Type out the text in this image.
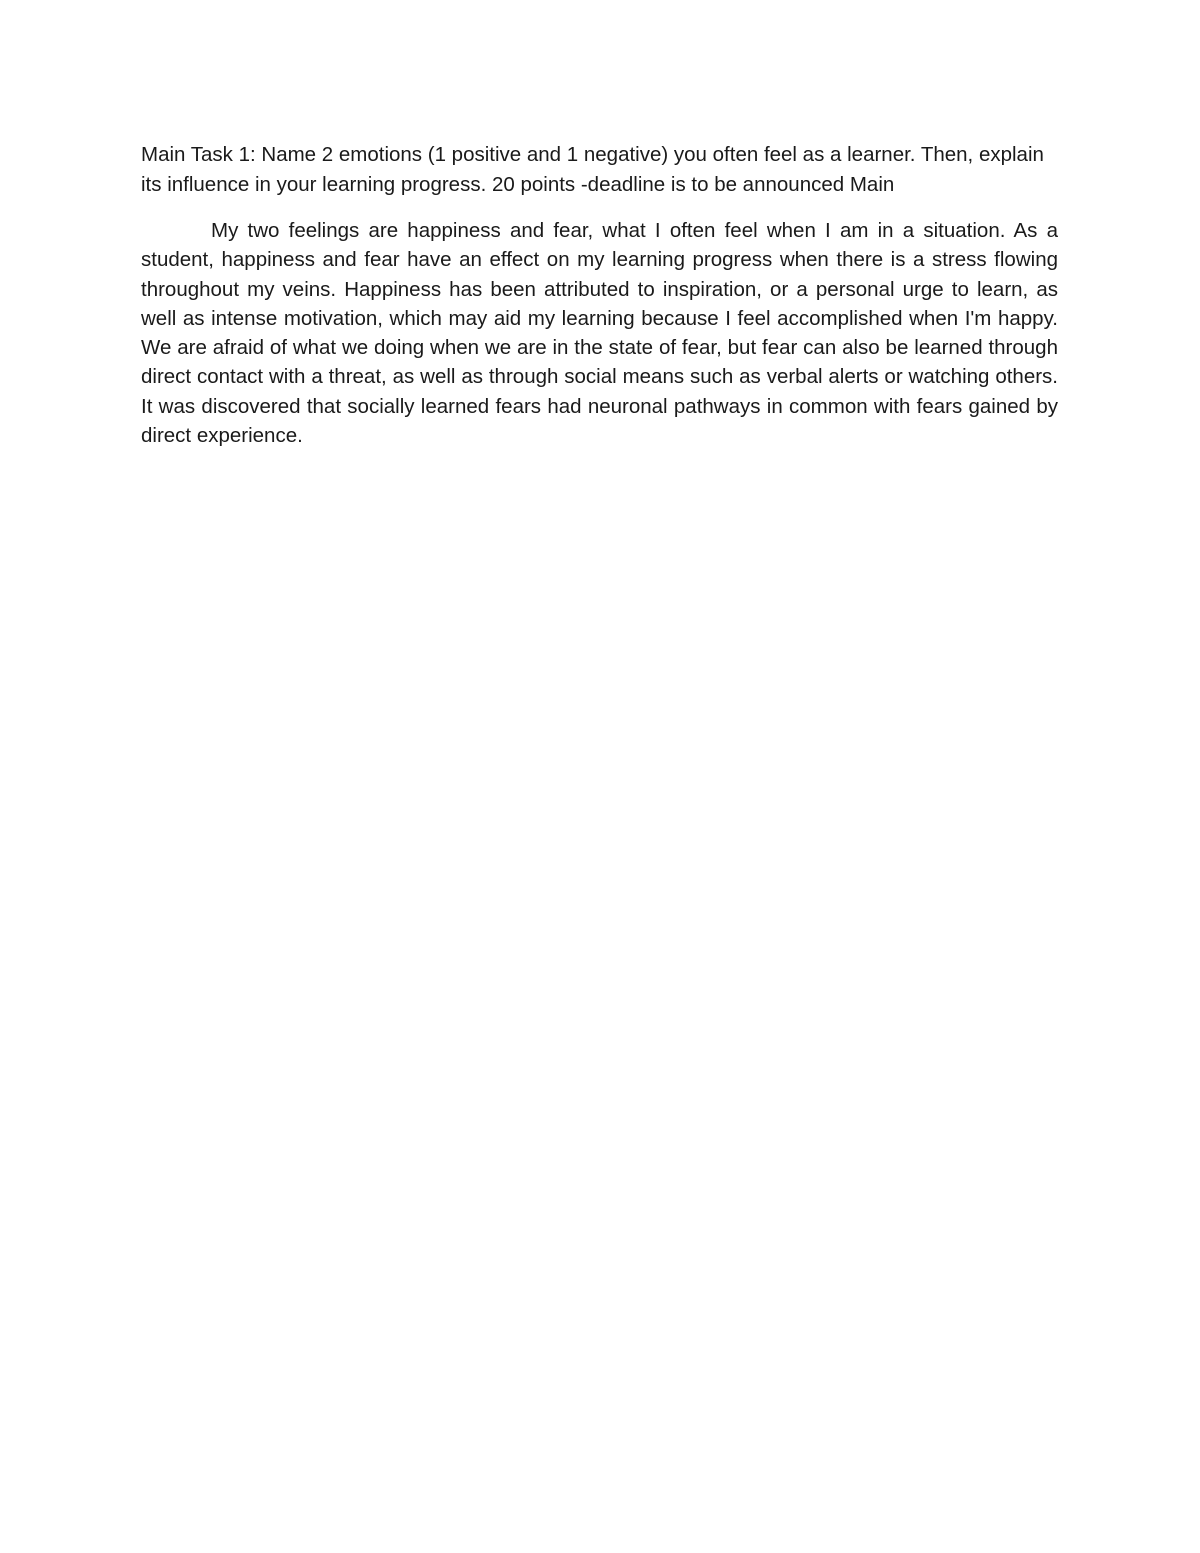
Main Task 1: Name 2 emotions (1 positive and 1 negative) you often feel as a learner. Then, explain its influence in your learning progress. 20 points -deadline is to be announced Main

My two feelings are happiness and fear, what I often feel when I am in a situation. As a student, happiness and fear have an effect on my learning progress when there is a stress flowing throughout my veins. Happiness has been attributed to inspiration, or a personal urge to learn, as well as intense motivation, which may aid my learning because I feel accomplished when I'm happy. We are afraid of what we doing when we are in the state of fear, but fear can also be learned through direct contact with a threat, as well as through social means such as verbal alerts or watching others. It was discovered that socially learned fears had neuronal pathways in common with fears gained by direct experience.
